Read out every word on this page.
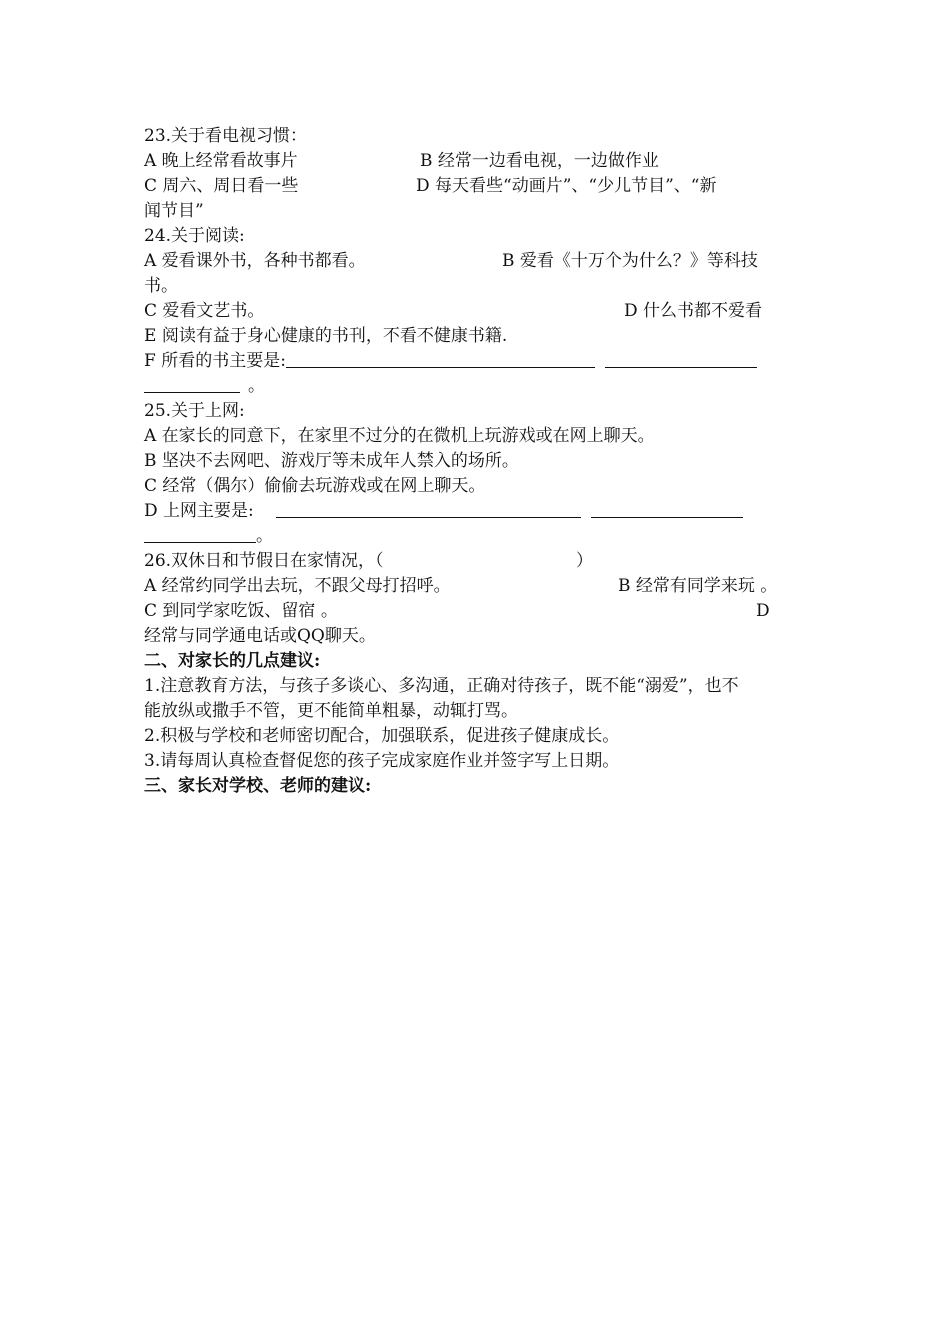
23.关于看电视习惯：
A 晚上经常看故事片	B 经常一边看电视，一边做作业
C 周六、周日看一些	D 每天看些“动画片”、“少儿节目”、“新
闻节目”
24.关于阅读:
A 爱看课外书，各种书都看。	B 爱看《十万个为什么？》等科技
书。
C 爱看文艺书。	D 什么书都不爱看
E 阅读有益于身心健康的书刊，不看不健康书籍.
F 所看的书主要是:
。
25.关于上网:
A 在家长的同意下，在家里不过分的在微机上玩游戏或在网上聊天。
B 坚决不去网吧、游戏厅等未成年人禁入的场所。
C 经常（偶尔）偷偷去玩游戏或在网上聊天。
D 上网主要是:
。
26.双休日和节假日在家情况，（	）
A 经常约同学出去玩，不跟父母打招呼。	B 经常有同学来玩 。
C 到同学家吃饭、留宿 。	D
经常与同学通电话或QQ聊天。
二、对家长的几点建议:
1.注意教育方法，与孩子多谈心、多沟通，正确对待孩子，既不能“溺爱”，也不
能放纵或撒手不管，更不能简单粗暴，动辄打骂。
2.积极与学校和老师密切配合，加强联系，促进孩子健康成长。
3.请每周认真检查督促您的孩子完成家庭作业并签字写上日期。
三、家长对学校、老师的建议:
